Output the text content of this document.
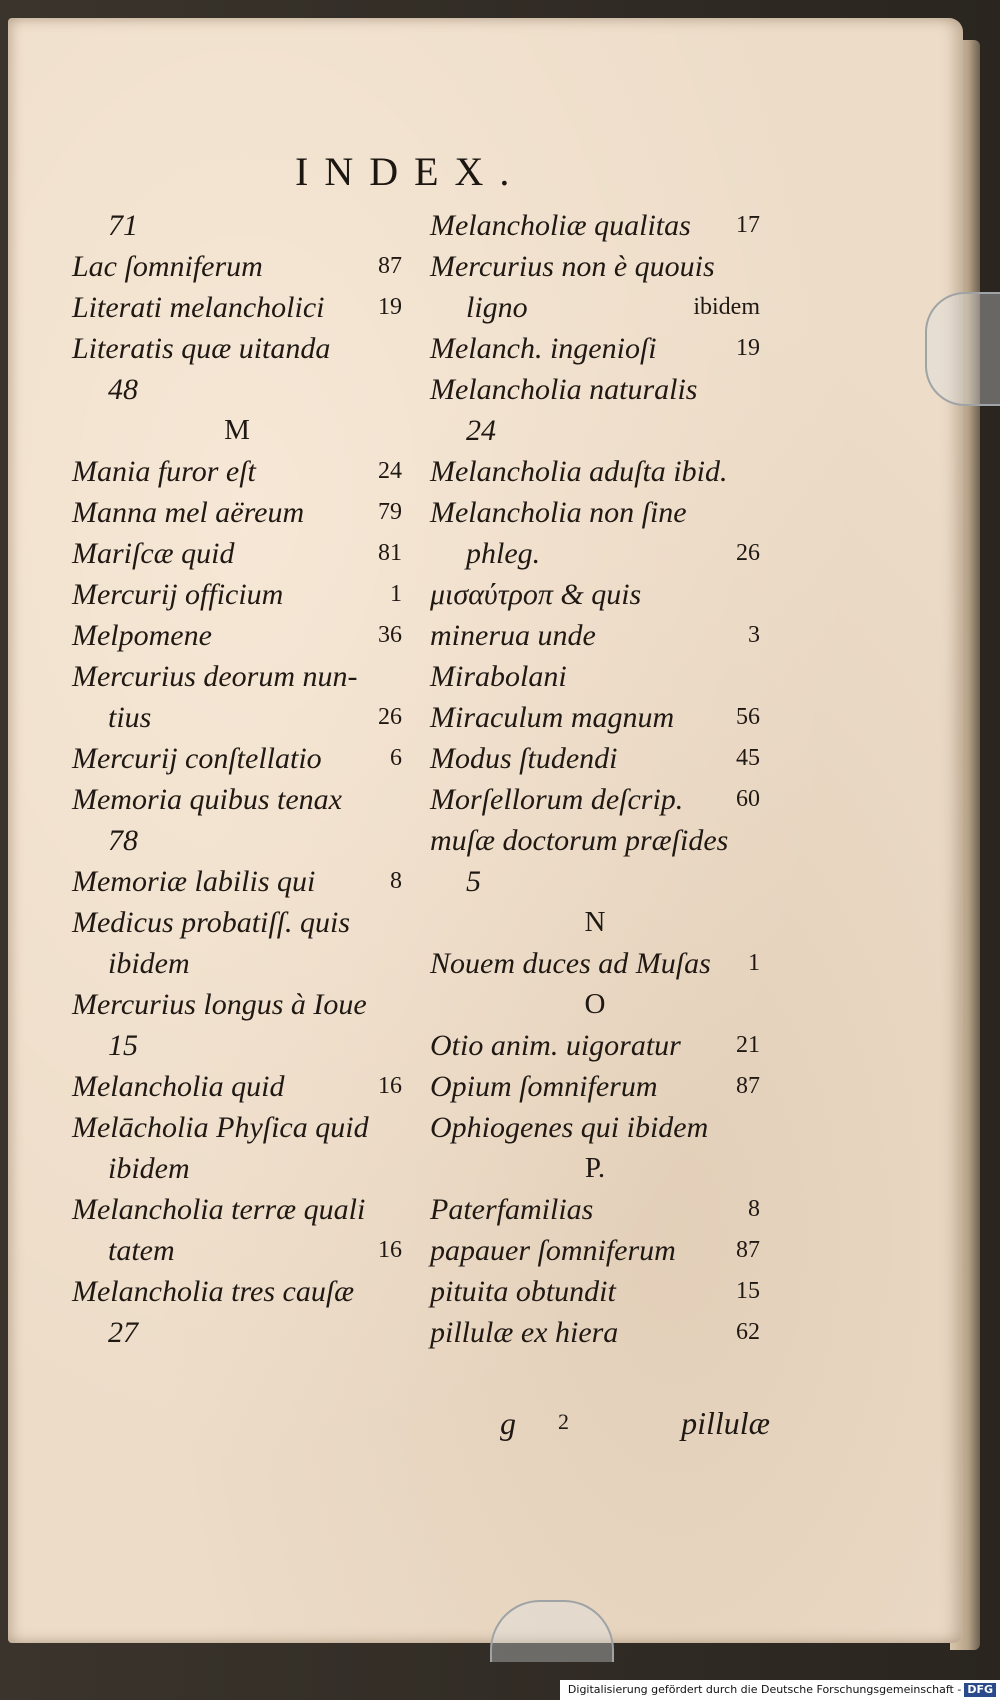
INDEX.
71
Lac ſomniferum	87
Literati melancholici 19
Literatis quæ uitanda
48
M
Mania furor eſt	24
Manna mel aëreum	79
Mariſcæ quid	81
Mercurij officium	1
Melpomene	36
Mercurius deorum nun-
tius	26
Mercurij conſtellatio	6
Memoria quibus tenax
78
Memoriæ labilis qui	8
Medicus probatiſſ. quis
ibidem
Mercurius longus à Ioue
15
Melancholia quid	16
Melācholia Phyſica quid
ibidem
Melancholia terræ quali
tatem	16
Melancholia tres cauſæ
27
Melancholiæ qualitas 17
Mercurius non è quouis
ligno	ibidem
Melanch. ingenioſi	19
Melancholia naturalis
24
Melancholia aduſta ibid.
Melancholia non ſine
phleg.	26
μισαύτροπ & quis
minerua unde	3
Mirabolani
Miraculum magnum	56
Modus ſtudendi	45
Morſellorum deſcrip. 60
muſæ doctorum præſides
5
N
Nouem duces ad Muſas 1
O
Otio anim. uigoratur 21
Opium ſomniferum	87
Ophiogenes qui ibidem
P.
Paterfamilias	8
papauer ſomniferum	87
pituita obtundit	15
pillulæ ex hiera	62
g 2	pillulæ
Digitalisierung gefördert durch die Deutsche Forschungsgemeinschaft - DFG
